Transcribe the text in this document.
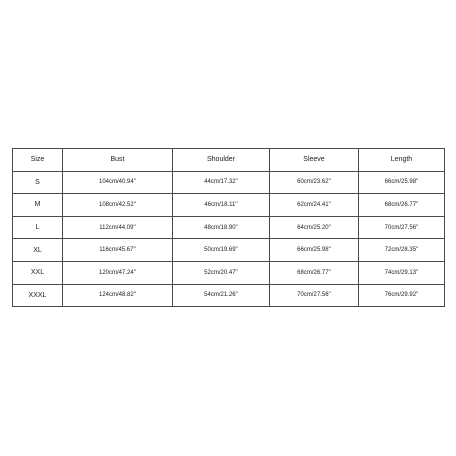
Size	Bust	Shoulder	Sleeve	Length
S	104cm/40.94''	44cm/17.32''	60cm/23.62''	66cm/25.98''
M	108cm/42.52''	46cm/18.11''	62cm/24.41''	68cm/26.77''
L	112cm/44.09''	48cm/18.90''	64cm/25.20''	70cm/27.56''
XL	116cm/45.67''	50cm/19.69''	66cm/25.98''	72cm/28.35''
XXL	120cm/47.24''	52cm/20.47''	68cm/26.77''	74cm/29.13''
XXXL	124cm/48.82''	54cm/21.26''	70cm/27.56''	76cm/29.92''
